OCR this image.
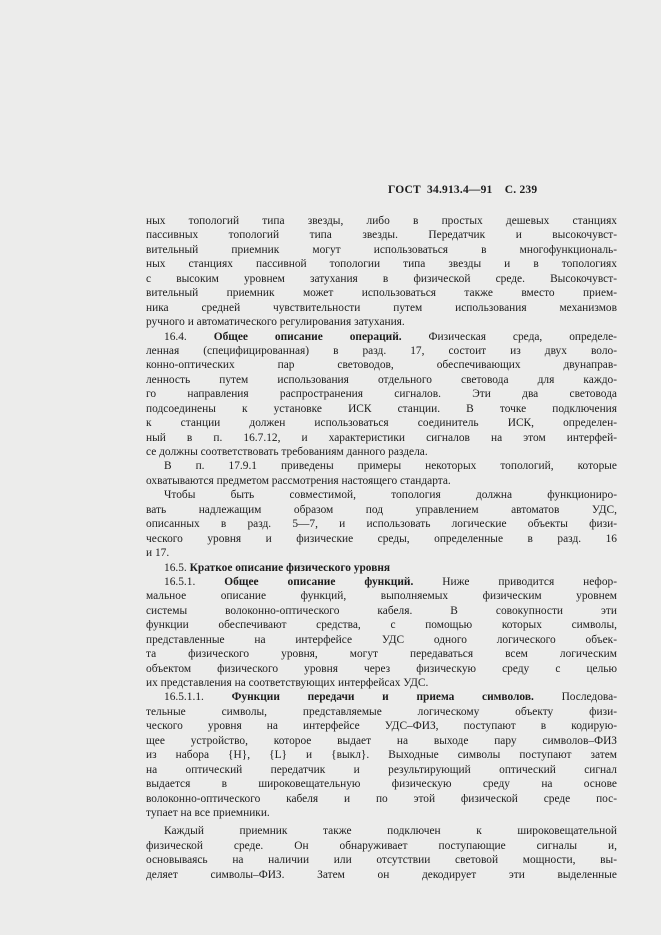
ГОСТ  34.913.4—91    С. 239
ных топологий типа звезды, либо в простых дешевых станциях
пассивных топологий типа звезды. Передатчик и высокочувст-
вительный приемник могут использоваться в многофункциональ-
ных станциях пассивной топологии типа звезды и в топологиях
с высоким уровнем затухания в физической среде. Высокочувст-
вительный приемник может использоваться также вместо прием-
ника средней чувствительности путем использования механизмов
ручного и автоматического регулирования затухания.
16.4. Общее описание операций. Физическая среда, определе-
ленная (специфицированная) в разд. 17, состоит из двух воло-
конно-оптических пар световодов, обеспечивающих двунаправ-
ленность путем использования отдельного световода для каждо-
го направления распространения сигналов. Эти два световода
подсоединены к установке ИСК станции. В точке подключения
к станции должен использоваться соединитель ИСК, определен-
ный в п. 16.7.12, и характеристики сигналов на этом интерфей-
се должны соответствовать требованиям данного раздела.
В п. 17.9.1 приведены примеры некоторых топологий, которые
охватываются предметом рассмотрения настоящего стандарта.
Чтобы быть совместимой, топология должна функциониро-
вать надлежащим образом под управлением автоматов УДС,
описанных в разд. 5—7, и использовать логические объекты физи-
ческого уровня и физические среды, определенные в разд. 16
и 17.
16.5. Краткое описание физического уровня
16.5.1. Общее описание функций. Ниже приводится нефор-
мальное описание функций, выполняемых физическим уровнем
системы волоконно-оптического кабеля. В совокупности эти
функции обеспечивают средства, с помощью которых символы,
представленные на интерфейсе УДС одного логического объек-
та физического уровня, могут передаваться всем логическим
объектом физического уровня через физическую среду с целью
их представления на соответствующих интерфейсах УДС.
16.5.1.1. Функции передачи и приема символов. Последова-
тельные символы, представляемые логическому объекту физи-
ческого уровня на интерфейсе УДС–ФИЗ, поступают в кодирую-
щее устройство, которое выдает на выходе пару символов–ФИЗ
из набора {Н}, {L} и {выкл}. Выходные символы поступают затем
на оптический передатчик и результирующий оптический сигнал
выдается в широковещательную физическую среду на основе
волоконно-оптического кабеля и по этой физической среде пос-
тупает на все приемники.
Каждый приемник также подключен к широковещательной
физической среде. Он обнаруживает поступающие сигналы и,
основываясь на наличии или отсутствии световой мощности, вы-
деляет символы–ФИЗ. Затем он декодирует эти выделенные
